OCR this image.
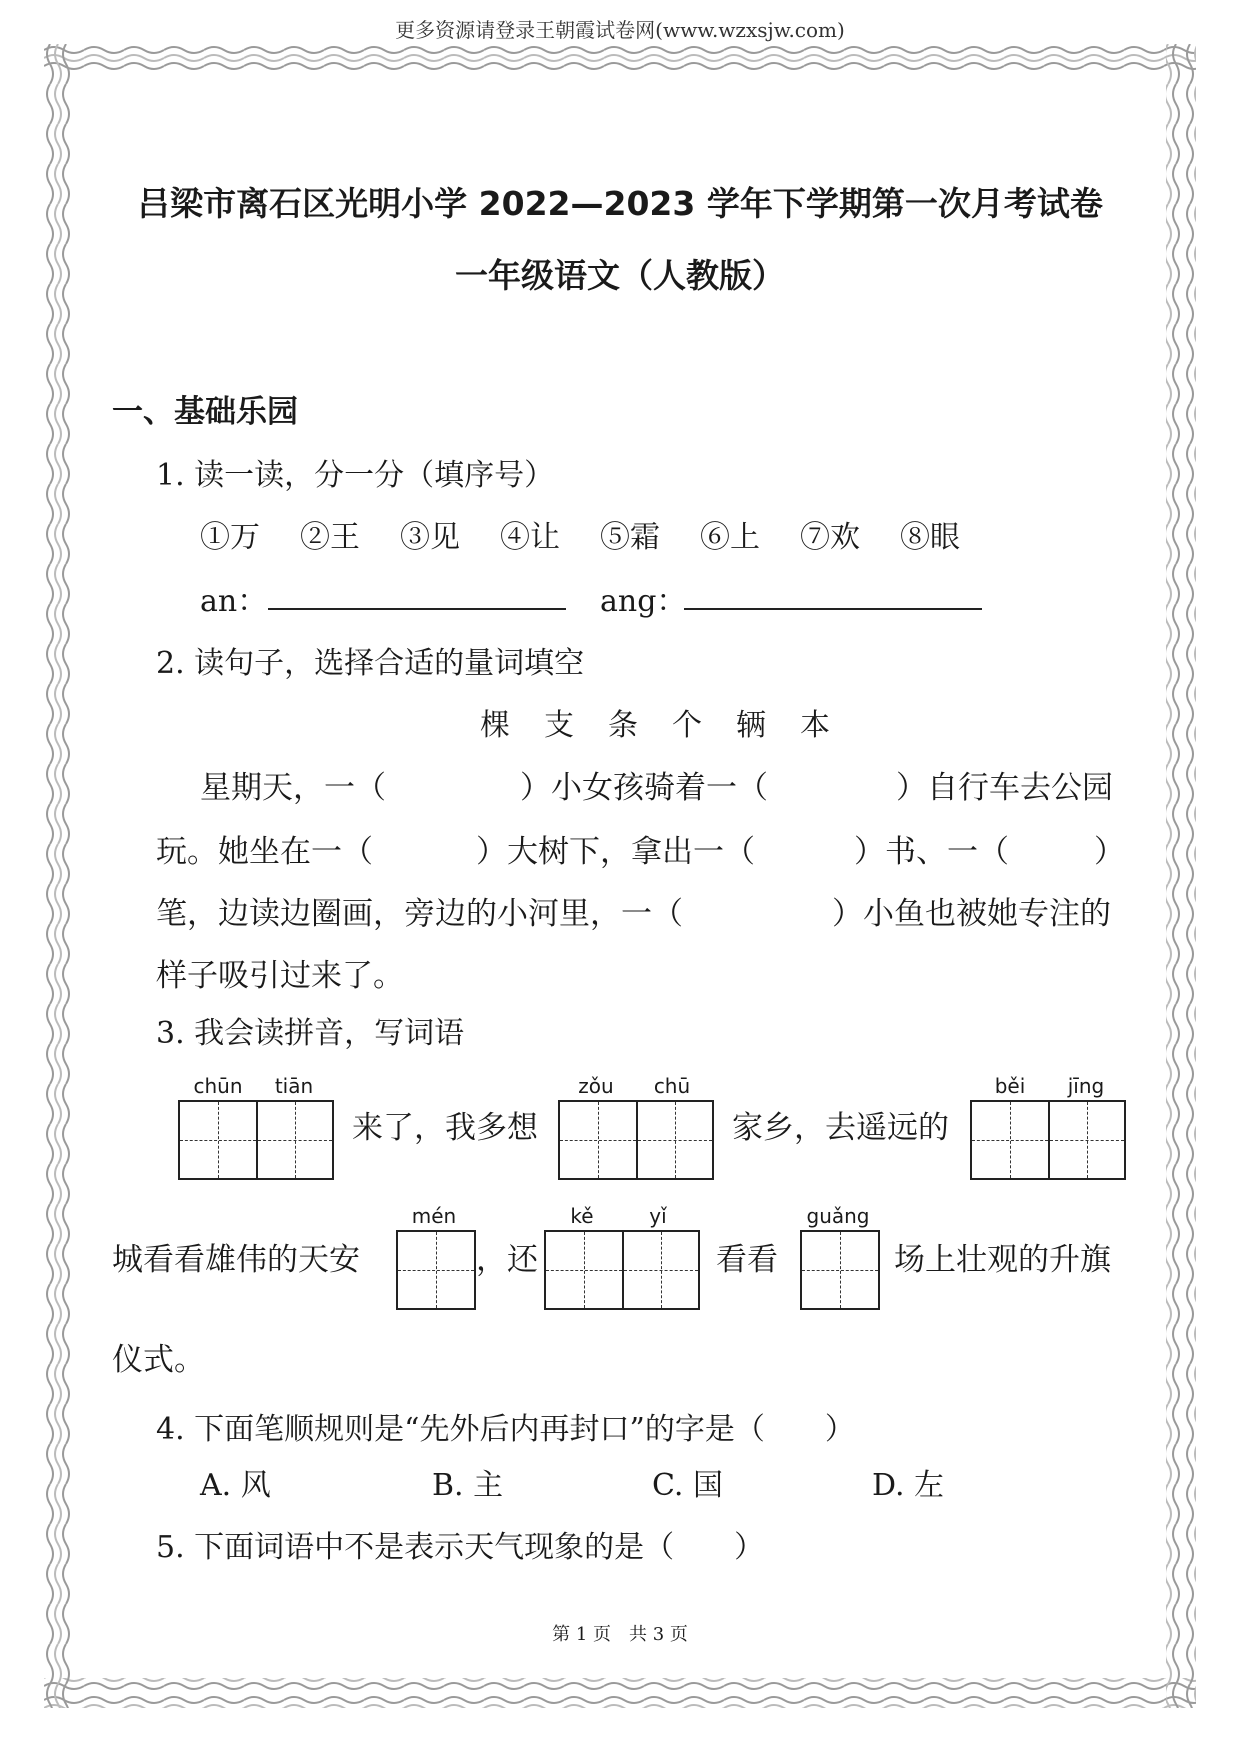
更多资源请登录王朝霞试卷网(www.wzxsjw.com)
吕梁市离石区光明小学 2022—2023 学年下学期第一次月考试卷
一年级语文（人教版）
一、基础乐园
1. 读一读，分一分（填序号）
①万 ②王 ③见 ④让 ⑤霜 ⑥上 ⑦欢 ⑧眼
an：	ang：
2. 读句子，选择合适的量词填空
棵　支　条　个　辆　本
星期天，一（	）小女孩骑着一（	）自行车去公园
玩。她坐在一（	）大树下，拿出一（	）书、一（	）
笔，边读边圈画，旁边的小河里，一（	）小鱼也被她专注的
样子吸引过来了。
3. 我会读拼音，写词语
chūn	tiān
来了，我多想
zǒu	chū
家乡，去遥远的
běi	jīng
城看看雄伟的天安
mén
，还
kě	yǐ
看看
guǎng
场上壮观的升旗
仪式。
4. 下面笔顺规则是“先外后内再封口”的字是（　　）
A. 风	B. 主	C. 国	D. 左
5. 下面词语中不是表示天气现象的是（　　）
第 1 页　共 3 页
